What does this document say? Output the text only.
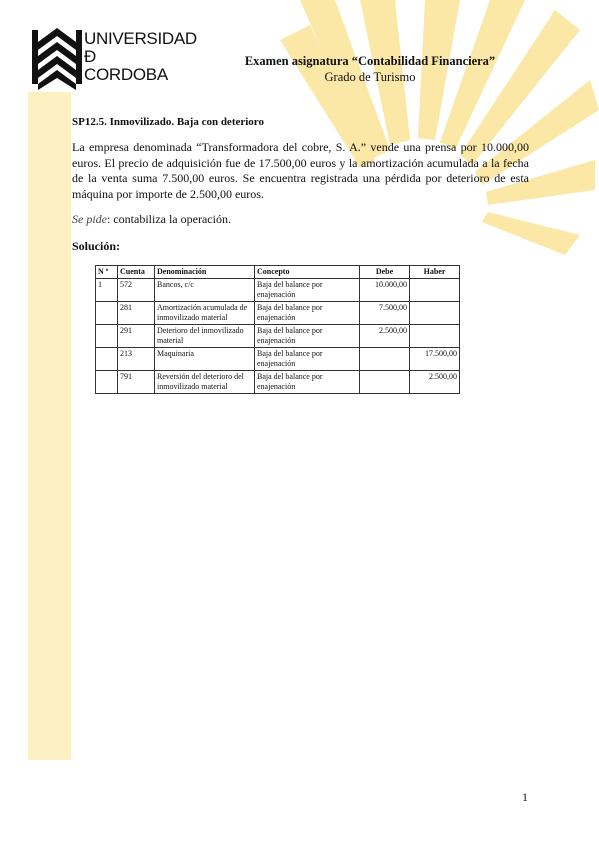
UNIVERSIDAD
Ð
CORDOBA
Examen asignatura “Contabilidad Financiera”
Grado de Turismo
SP12.5. Inmovilizado. Baja con deterioro
La empresa denominada “Transformadora del cobre, S. A.” vende una prensa por 10.000,00 euros. El precio de adquisición fue de 17.500,00 euros y la amortización acumulada a la fecha de la venta suma 7.500,00 euros. Se encuentra registrada una pérdida por deterioro de esta máquina por importe de 2.500,00 euros.
Se pide: contabiliza la operación.
Solución:
N º	Cuenta	Denominación	Concepto	Debe	Haber
1	572	Bancos, c/c	Baja del balance por enajenación	10.000,00	
	281	Amortización acumulada de inmovilizado material	Baja del balance por enajenación	7.500,00	
	291	Deterioro del inmovilizado material	Baja del balance por enajenación	2.500,00	
	213	Maquinaria	Baja del balance por enajenación		17.500,00
	791	Reversión del deterioro del inmovilizado material	Baja del balance por enajenación		2.500,00
1
